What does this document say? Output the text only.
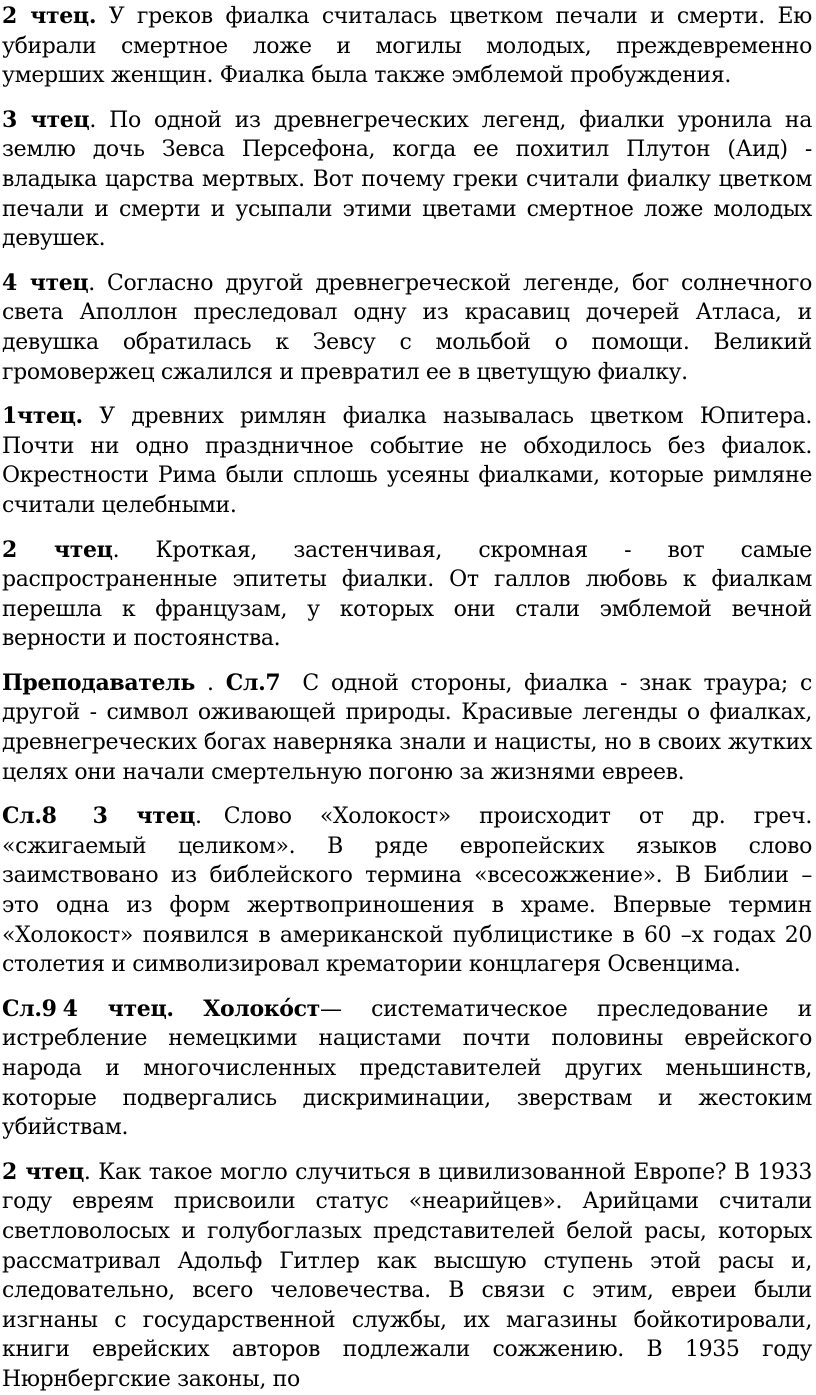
2 чтец. У греков фиалка считалась цветком печали и смерти. Ею убирали смертное ложе и могилы молодых, преждевременно умерших женщин. Фиалка была также эмблемой пробуждения.

3 чтец. По одной из древнегреческих легенд, фиалки уронила на землю дочь Зевса Персефона, когда ее похитил Плутон (Аид) - владыка царства мертвых. Вот почему греки считали фиалку цветком печали и смерти и усыпали этими цветами смертное ложе молодых девушек.

4 чтец. Согласно другой древнегреческой легенде, бог солнечного света Аполлон преследовал одну из красавиц дочерей Атласа, и девушка обратилась к Зевсу с мольбой о помощи. Великий громовержец сжалился и превратил ее в цветущую фиалку.

1чтец. У древних римлян фиалка называлась цветком Юпитера. Почти ни одно праздничное событие не обходилось без фиалок. Окрестности Рима были сплошь усеяны фиалками, которые римляне считали целебными.

2 чтец. Кроткая, застенчивая, скромная - вот самые распространенные эпитеты фиалки. От галлов любовь к фиалкам перешла к французам, у которых они стали эмблемой вечной верности и постоянства.

Преподаватель . Сл.7 С одной стороны, фиалка - знак траура; с другой - символ оживающей природы. Красивые легенды о фиалках, древнегреческих богах наверняка знали и нацисты, но в своих жутких целях они начали смертельную погоню за жизнями евреев.

Сл.8 3 чтец. Слово «Холокост» происходит от др. греч. «сжигаемый целиком». В ряде европейских языков слово заимствовано из библейского термина «всесожжение». В Библии – это одна из форм жертвоприношения в храме. Впервые термин «Холокост» появился в американской публицистике в 60 –х годах 20 столетия и символизировал крематории концлагеря Освенцима.

Сл.9 4 чтец. Холоко́ст— систематическое преследование и истребление немецкими нацистами почти половины еврейского народа и многочисленных представителей других меньшинств, которые подвергались дискриминации, зверствам и жестоким убийствам.

2 чтец. Как такое могло случиться в цивилизованной Европе? В 1933 году евреям присвоили статус «неарийцев». Арийцами считали светловолосых и голубоглазых представителей белой расы, которых рассматривал Адольф Гитлер как высшую ступень этой расы и, следовательно, всего человечества. В связи с этим, евреи были изгнаны с государственной службы, их магазины бойкотировали, книги еврейских авторов подлежали сожжению. В 1935 году Нюрнбергские законы, по
